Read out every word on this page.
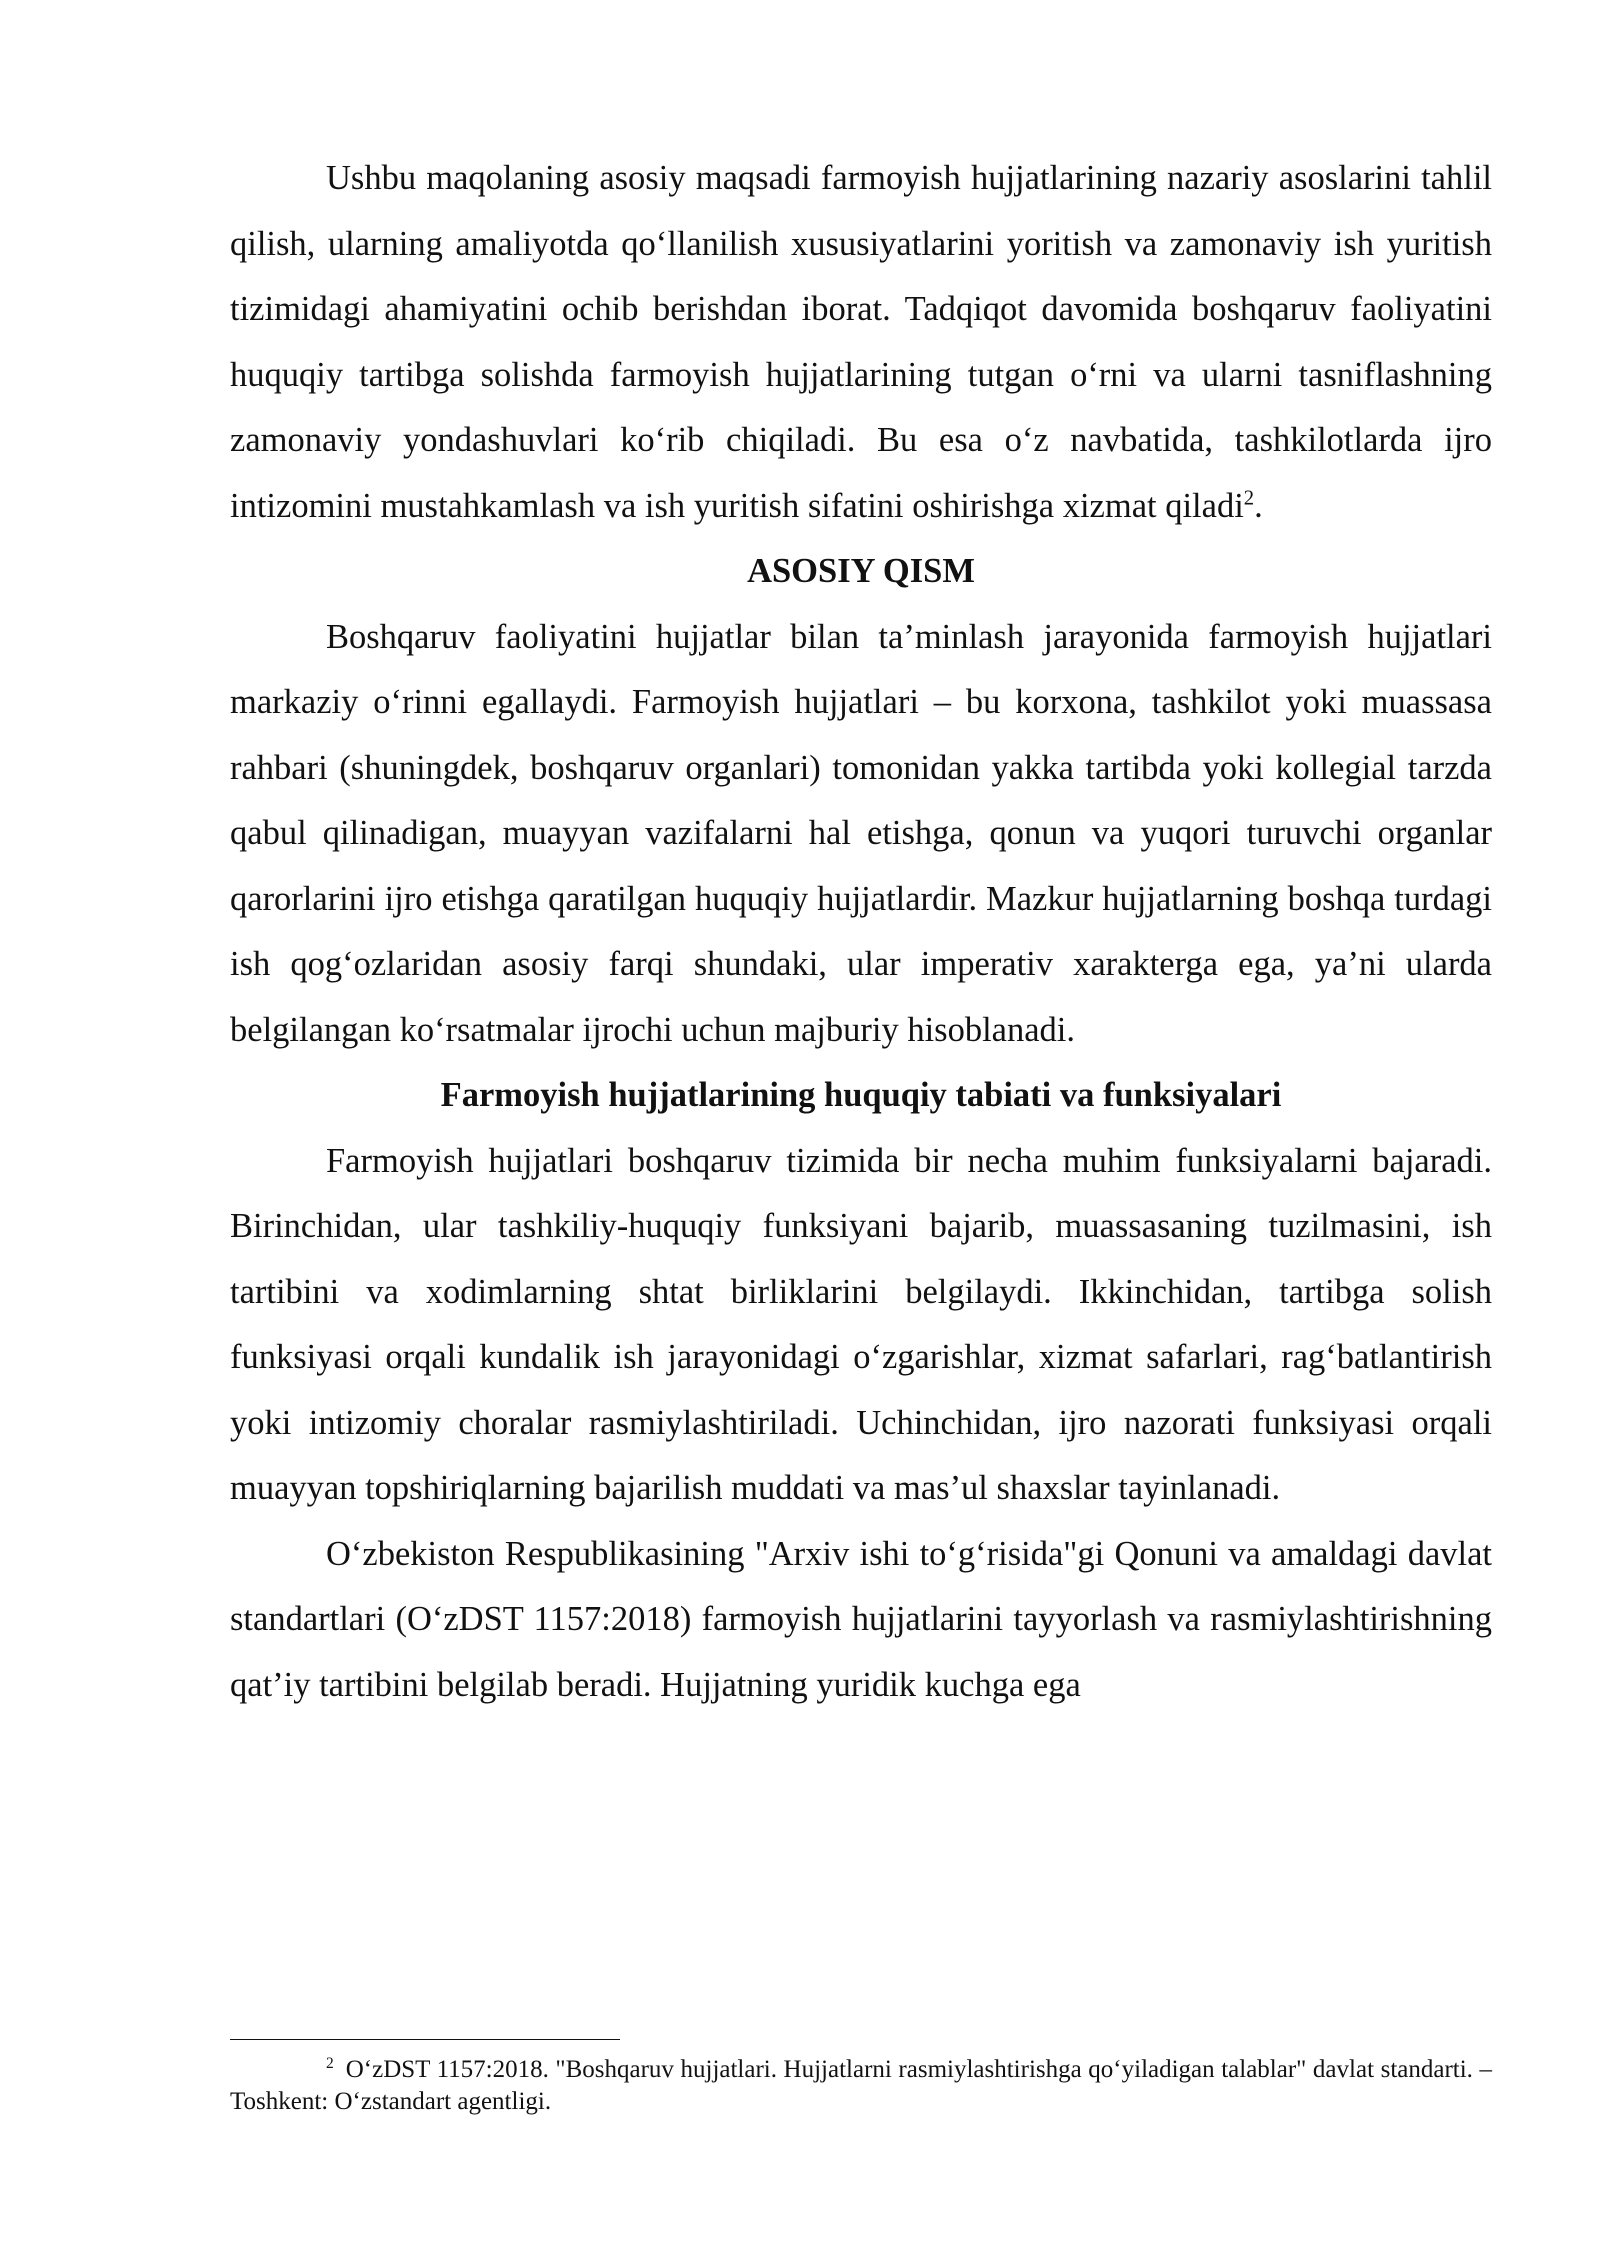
Ushbu maqolaning asosiy maqsadi farmoyish hujjatlarining nazariy asoslarini tahlil qilish, ularning amaliyotda qo‘llanilish xususiyatlarini yoritish va zamonaviy ish yuritish tizimidagi ahamiyatini ochib berishdan iborat. Tadqiqot davomida boshqaruv faoliyatini huquqiy tartibga solishda farmoyish hujjatlarining tutgan o‘rni va ularni tasniflashning zamonaviy yondashuvlari ko‘rib chiqiladi. Bu esa o‘z navbatida, tashkilotlarda ijro intizomini mustahkamlash va ish yuritish sifatini oshirishga xizmat qiladi$^2$.

ASOSIY QISM

Boshqaruv faoliyatini hujjatlar bilan ta’minlash jarayonida farmoyish hujjatlari markaziy o‘rinni egallaydi. Farmoyish hujjatlari – bu korxona, tashkilot yoki muassasa rahbari (shuningdek, boshqaruv organlari) tomonidan yakka tartibda yoki kollegial tarzda qabul qilinadigan, muayyan vazifalarni hal etishga, qonun va yuqori turuvchi organlar qarorlarini ijro etishga qaratilgan huquqiy hujjatlardir. Mazkur hujjatlarning boshqa turdagi ish qog‘ozlaridan asosiy farqi shundaki, ular imperativ xarakterga ega, ya’ni ularda belgilangan ko‘rsatmalar ijrochi uchun majburiy hisoblanadi.

Farmoyish hujjatlarining huquqiy tabiati va funksiyalari

Farmoyish hujjatlari boshqaruv tizimida bir necha muhim funksiyalarni bajaradi. Birinchidan, ular tashkiliy-huquqiy funksiyani bajarib, muassasaning tuzilmasini, ish tartibini va xodimlarning shtat birliklarini belgilaydi. Ikkinchidan, tartibga solish funksiyasi orqali kundalik ish jarayonidagi o‘zgarishlar, xizmat safarlari, rag‘batlantirish yoki intizomiy choralar rasmiylashtiriladi. Uchinchidan, ijro nazorati funksiyasi orqali muayyan topshiriqlarning bajarilish muddati va mas’ul shaxslar tayinlanadi.

O‘zbekiston Respublikasining "Arxiv ishi to‘g‘risida"gi Qonuni va amaldagi davlat standartlari (O‘zDST 1157:2018) farmoyish hujjatlarini tayyorlash va rasmiylashtirishning qat’iy tartibini belgilab beradi. Hujjatning yuridik kuchga ega

$^2$ O‘zDST 1157:2018. "Boshqaruv hujjatlari. Hujjatlarni rasmiylashtirishga qo‘yiladigan talablar" davlat standarti. – Toshkent: O‘zstandart agentligi.
